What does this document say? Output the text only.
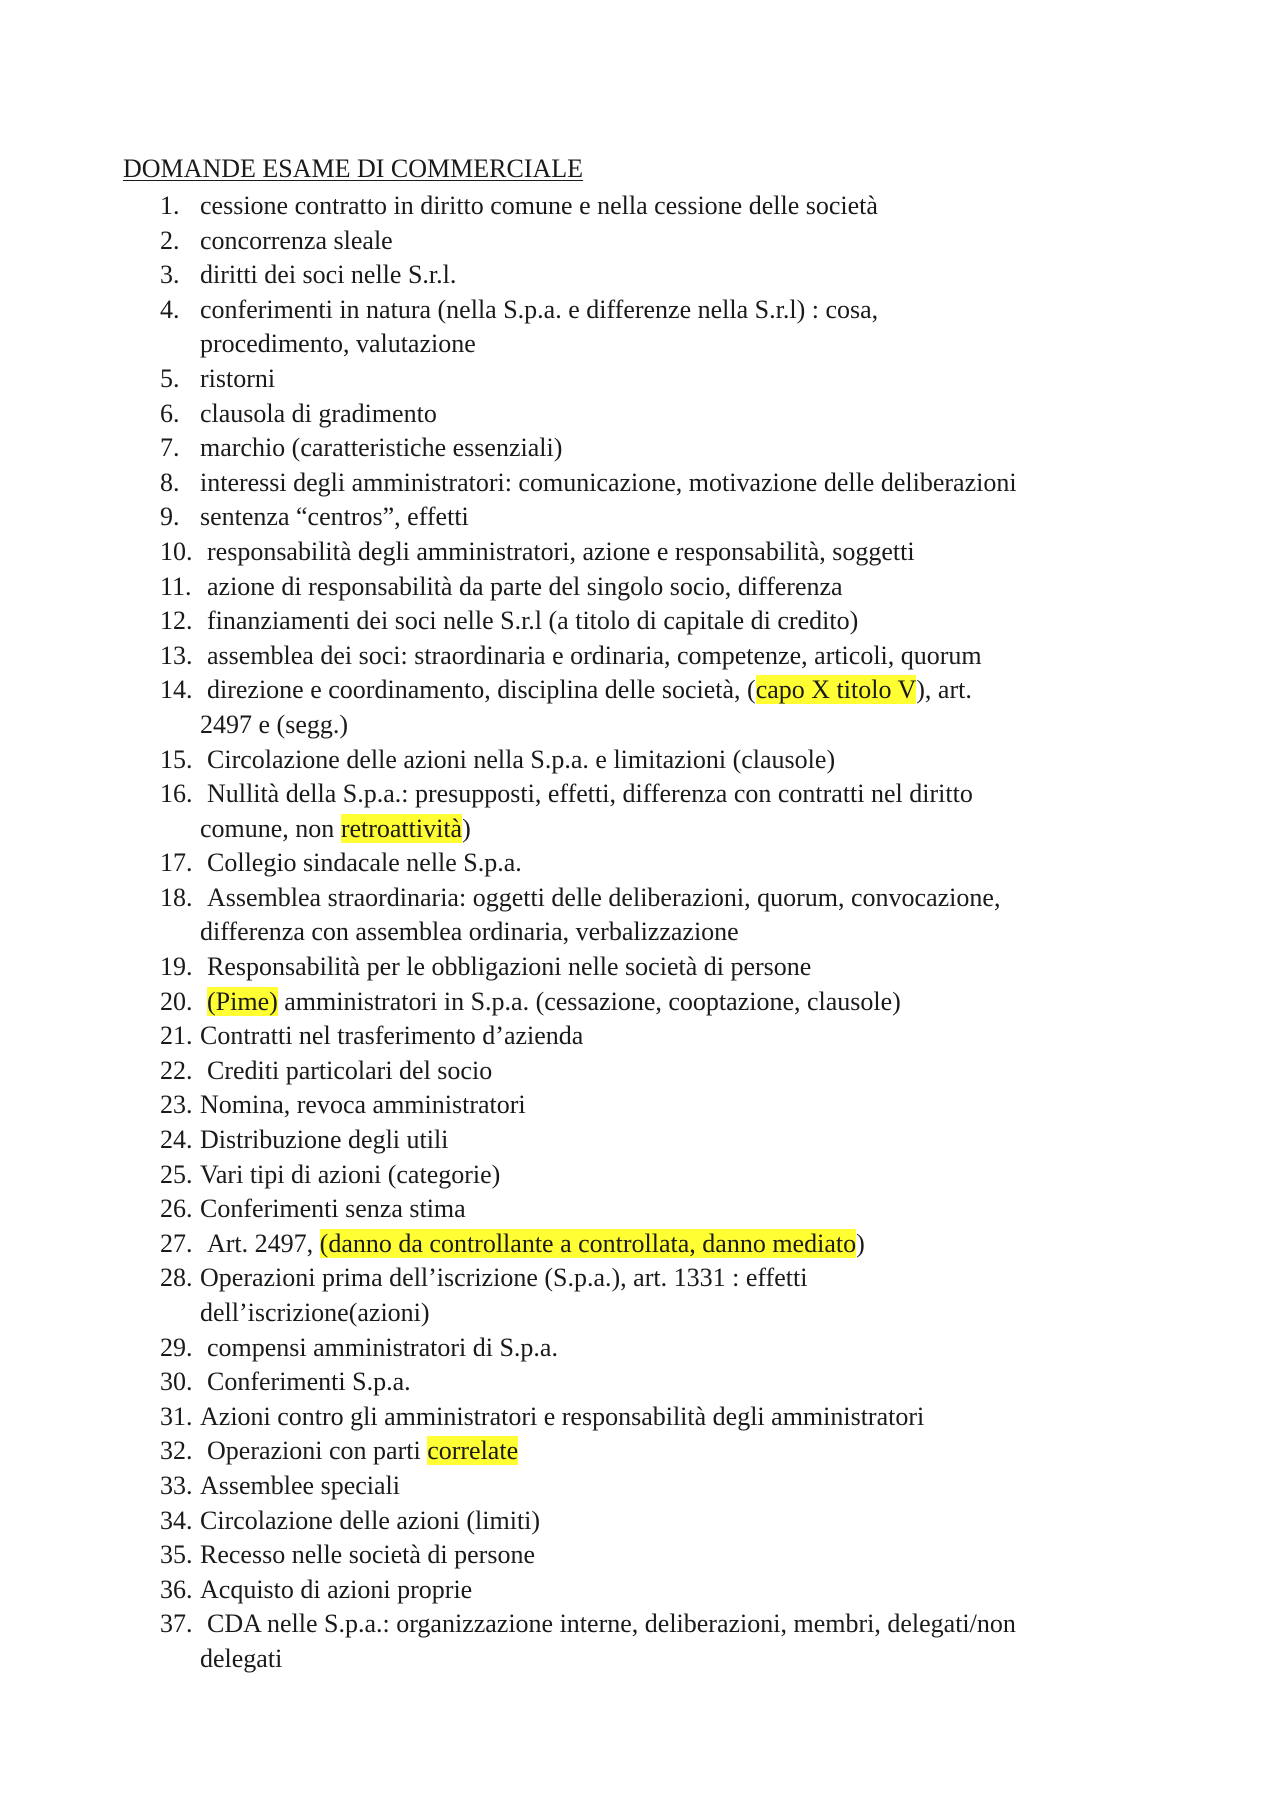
DOMANDE ESAME DI COMMERCIALE
1. cessione contratto in diritto comune e nella cessione delle società
2. concorrenza sleale
3. diritti dei soci nelle S.r.l.
4. conferimenti in natura (nella S.p.a. e differenze nella S.r.l) : cosa,
procedimento, valutazione
5. ristorni
6. clausola di gradimento
7. marchio (caratteristiche essenziali)
8. interessi degli amministratori: comunicazione, motivazione delle deliberazioni
9. sentenza “centros”, effetti
10. responsabilità degli amministratori, azione e responsabilità, soggetti
11. azione di responsabilità da parte del singolo socio, differenza
12. finanziamenti dei soci nelle S.r.l (a titolo di capitale di credito)
13. assemblea dei soci: straordinaria e ordinaria, competenze, articoli, quorum
14. direzione e coordinamento, disciplina delle società, (capo X titolo V), art.
2497 e (segg.)
15. Circolazione delle azioni nella S.p.a. e limitazioni (clausole)
16. Nullità della S.p.a.: presupposti, effetti, differenza con contratti nel diritto
comune, non retroattività)
17. Collegio sindacale nelle S.p.a.
18. Assemblea straordinaria: oggetti delle deliberazioni, quorum, convocazione,
differenza con assemblea ordinaria, verbalizzazione
19. Responsabilità per le obbligazioni nelle società di persone
20. (Pime) amministratori in S.p.a. (cessazione, cooptazione, clausole)
21. Contratti nel trasferimento d’azienda
22. Crediti particolari del socio
23. Nomina, revoca amministratori
24. Distribuzione degli utili
25. Vari tipi di azioni (categorie)
26. Conferimenti senza stima
27. Art. 2497, (danno da controllante a controllata, danno mediato)
28. Operazioni prima dell’iscrizione (S.p.a.), art. 1331 : effetti
dell’iscrizione(azioni)
29. compensi amministratori di S.p.a.
30. Conferimenti S.p.a.
31. Azioni contro gli amministratori e responsabilità degli amministratori
32. Operazioni con parti correlate
33. Assemblee speciali
34. Circolazione delle azioni (limiti)
35. Recesso nelle società di persone
36. Acquisto di azioni proprie
37. CDA nelle S.p.a.: organizzazione interne, deliberazioni, membri, delegati/non
delegati
